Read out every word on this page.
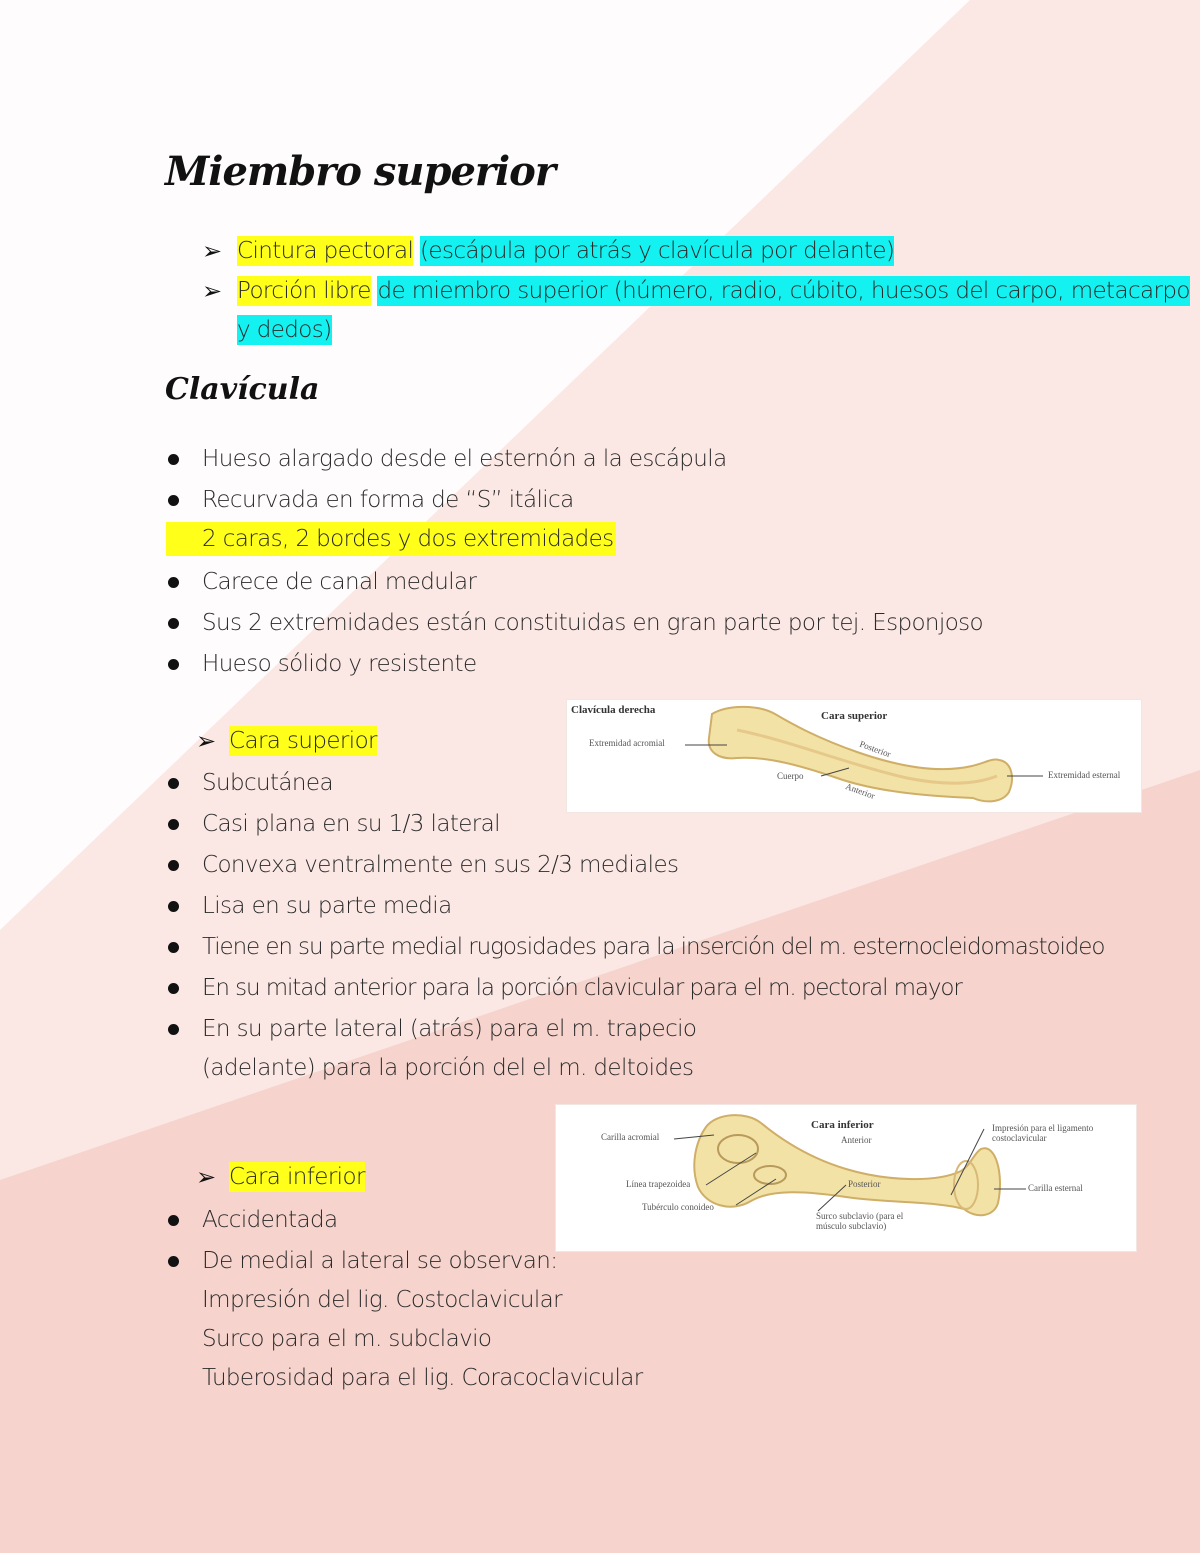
Miembro superior
➢ Cintura pectoral (escápula por atrás y clavícula por delante)
➢ Porción libre de miembro superior (húmero, radio, cúbito, huesos del carpo, metacarpo
y dedos)
Clavícula
Hueso alargado desde el esternón a la escápula
Recurvada en forma de “S” itálica
2 caras, 2 bordes y dos extremidades
Carece de canal medular
Sus 2 extremidades están constituidas en gran parte por tej. Esponjoso
Hueso sólido y resistente
Clavícula derecha	Cara superior
Extremidad acromial	Posterior
Cuerpo
Anterior
Extremidad esternal
➢ Cara superior
Subcutánea
Casi plana en su 1/3 lateral
Convexa ventralmente en sus 2/3 mediales
Lisa en su parte media
Tiene en su parte medial rugosidades para la inserción del m. esternocleidomastoideo
En su mitad anterior para la porción clavicular para el m. pectoral mayor
En su parte lateral (atrás) para el m. trapecio
(adelante) para la porción del el m. deltoides
Cara inferior
Carilla acromial	Anterior
Línea trapezoidea
Tubérculo conoideo
Posterior
Surco subclavio (para el
músculo subclavio)
Impresión para el ligamento
costoclavicular
Carilla esternal
➢ Cara inferior
Accidentada
De medial a lateral se observan:
Impresión del lig. Costoclavicular
Surco para el m. subclavio
Tuberosidad para el lig. Coracoclavicular
